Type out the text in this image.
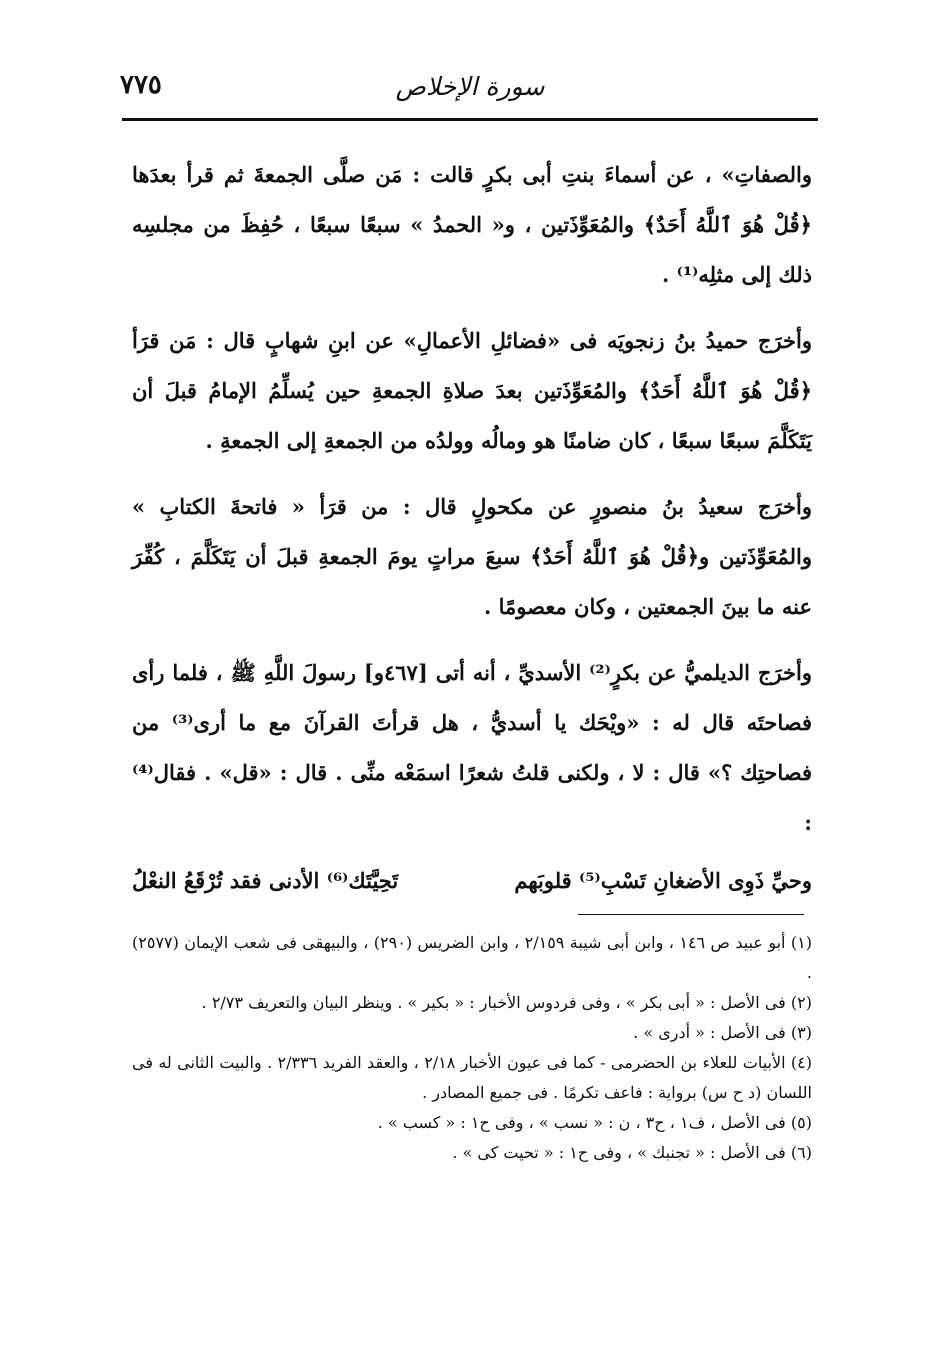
٧٧٥	سورة الإخلاص

والصفاتِ» ، عن أسماءَ بنتِ أبى بكرٍ قالت : مَن صلَّى الجمعةَ ثم قرأ بعدَها ﴿قُلْ هُوَ ٱللَّهُ أَحَدٌ﴾ والمُعَوِّذَتين ، و« الحمدُ » سبعًا سبعًا ، حُفِظَ من مجلسِه ذلك إلى مثلِه⁽¹⁾ .

وأخرَج حميدُ بنُ زنجويَه فى «فضائلِ الأعمالِ» عن ابنِ شهابٍ قال : مَن قرَأ ﴿قُلْ هُوَ ٱللَّهُ أَحَدٌ﴾ والمُعَوِّذَتين بعدَ صلاةِ الجمعةِ حين يُسلِّمُ الإمامُ قبلَ أن يَتَكَلَّمَ سبعًا سبعًا ، كان ضامنًا هو ومالُه وولدُه من الجمعةِ إلى الجمعةِ .

وأخرَج سعيدُ بنُ منصورٍ عن مكحولٍ قال : من قرَأ « فاتحةَ الكتابِ » والمُعَوِّذَتين و﴿قُلْ هُوَ ٱللَّهُ أَحَدٌ﴾ سبعَ مراتٍ يومَ الجمعةِ قبلَ أن يَتَكَلَّمَ ، كُفِّرَ عنه ما بينَ الجمعتين ، وكان معصومًا .

وأخرَج الديلميُّ عن بكرٍ⁽²⁾ الأسديِّ ، أنه أتى [٤٦٧و] رسولَ اللَّهِ ﷺ ، فلما رأى فصاحتَه قال له : «ويْحَك يا أسديُّ ، هل قرأتَ القرآنَ مع ما أرى⁽³⁾ من فصاحتِك ؟» قال : لا ، ولكنى قلتُ شعرًا اسمَعْه منِّى . قال : «قل» . فقال⁽⁴⁾ :

وحيِّ ذَوِى الأضغانِ تَسْبِ⁽⁵⁾ قلوبَهم
تَحِيَّتَك⁽⁶⁾ الأدنى فقد تُرْقَعُ النعْلُ

(١) أبو عبيد ص ١٤٦ ، وابن أبى شيبة ٢/١٥٩ ، وابن الضريس (٢٩٠) ، والبيهقى فى شعب الإيمان (٢٥٧٧) .

(٢) فى الأصل : « أبى بكر » ، وفى فردوس الأخبار : « بكير » . وينظر البيان والتعريف ٢/٧٣ .

(٣) فى الأصل : « أدرى » .

(٤) الأبيات للعلاء بن الحضرمى - كما فى عيون الأخبار ٢/١٨ ، والعقد الفريد ٢/٣٣٦ . والبيت الثانى له فى اللسان (د ح س) برواية : فاعف تكرمًا . فى جميع المصادر .

(٥) فى الأصل ، ف١ ، ح٣ ، ن : « نسب » ، وفى ح١ : « كسب » .

(٦) فى الأصل : « تجنبك » ، وفى ح١ : « تحيت كى » .
